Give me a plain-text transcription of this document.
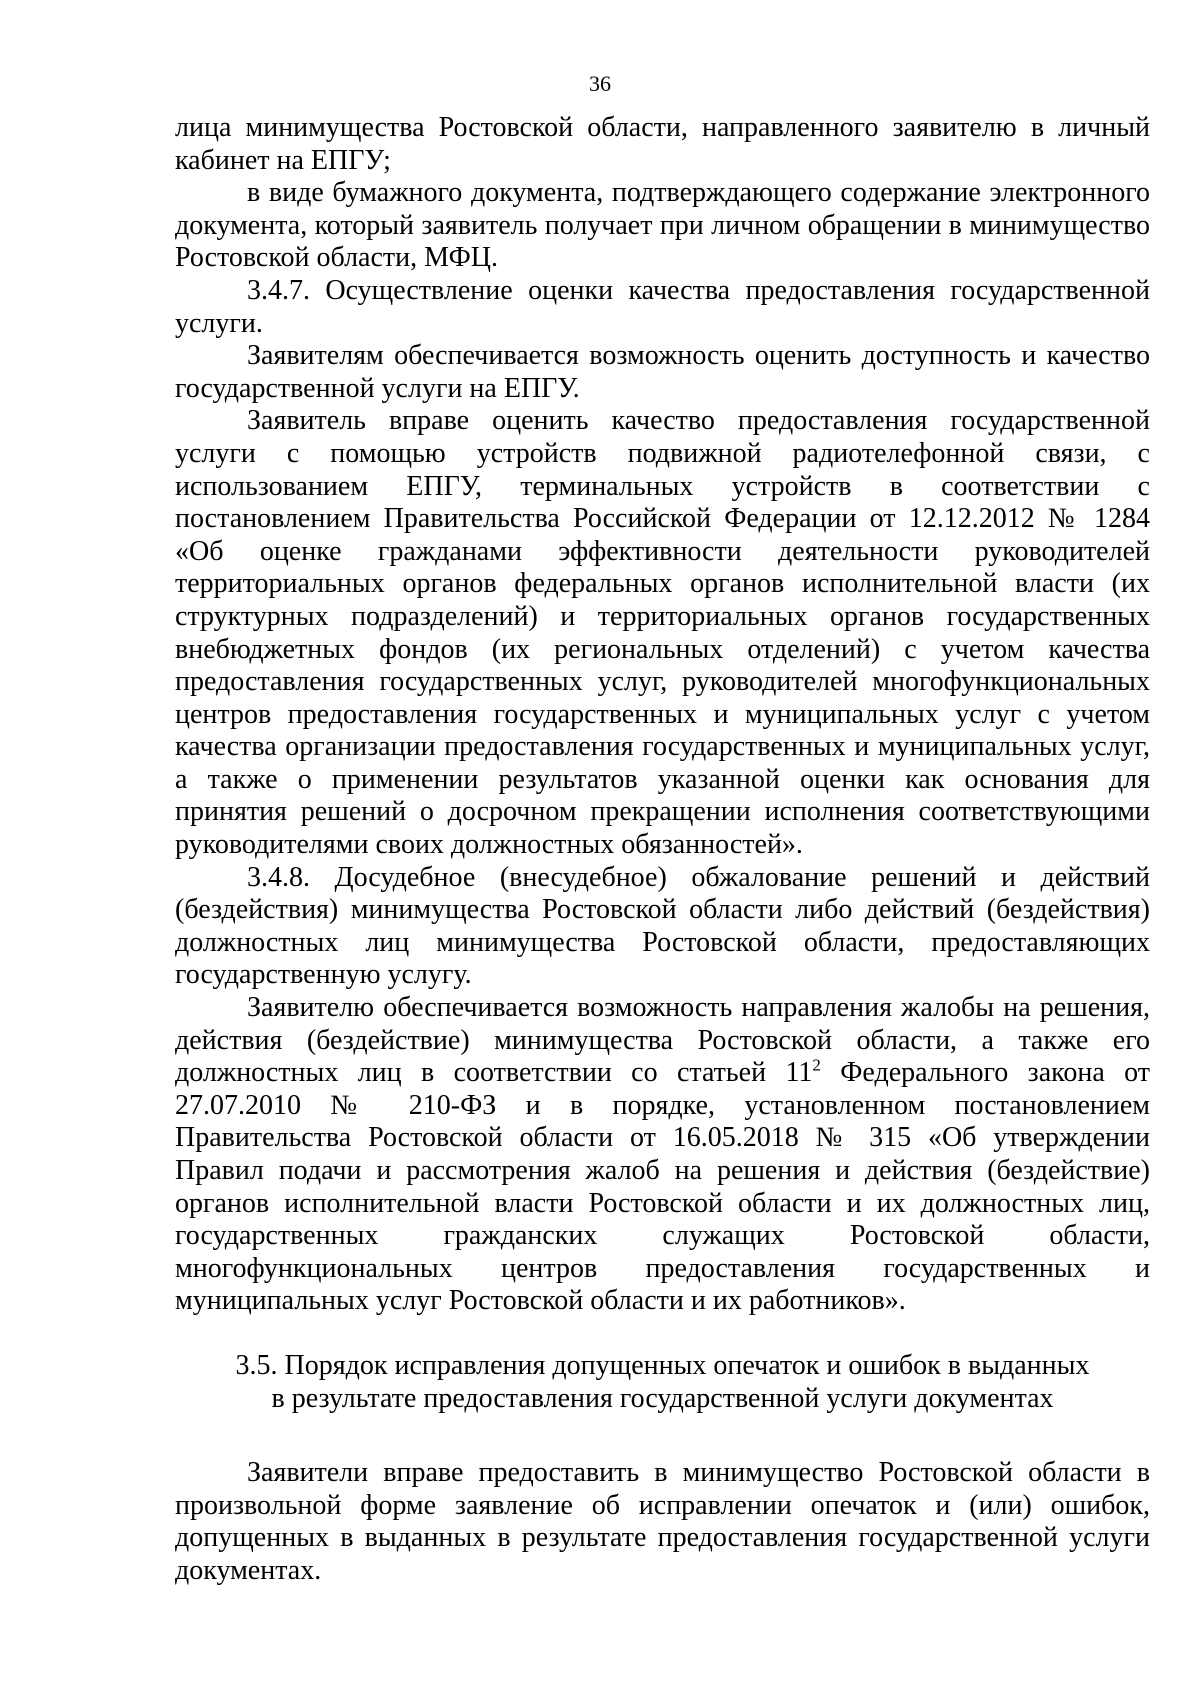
36

лица минимущества Ростовской области, направленного заявителю в личный кабинет на ЕПГУ;

в виде бумажного документа, подтверждающего содержание электронного документа, который заявитель получает при личном обращении в минимущество Ростовской области, МФЦ.

3.4.7. Осуществление оценки качества предоставления государственной услуги.

Заявителям обеспечивается возможность оценить доступность и качество государственной услуги на ЕПГУ.

Заявитель вправе оценить качество предоставления государственной услуги с помощью устройств подвижной радиотелефонной связи, с использованием ЕПГУ, терминальных устройств в соответствии с постановлением Правительства Российской Федерации от 12.12.2012 № 1284 «Об оценке гражданами эффективности деятельности руководителей территориальных органов федеральных органов исполнительной власти (их структурных подразделений) и территориальных органов государственных внебюджетных фондов (их региональных отделений) с учетом качества предоставления государственных услуг, руководителей многофункциональных центров предоставления государственных и муниципальных услуг с учетом качества организации предоставления государственных и муниципальных услуг, а также о применении результатов указанной оценки как основания для принятия решений о досрочном прекращении исполнения соответствующими руководителями своих должностных обязанностей».

3.4.8. Досудебное (внесудебное) обжалование решений и действий (бездействия) минимущества Ростовской области либо действий (бездействия) должностных лиц минимущества Ростовской области, предоставляющих государственную услугу.

Заявителю обеспечивается возможность направления жалобы на решения, действия (бездействие) минимущества Ростовской области, а также его должностных лиц в соответствии со статьей $11^2$ Федерального закона от 27.07.2010 № 210-ФЗ и в порядке, установленном постановлением Правительства Ростовской области от 16.05.2018 № 315 «Об утверждении Правил подачи и рассмотрения жалоб на решения и действия (бездействие) органов исполнительной власти Ростовской области и их должностных лиц, государственных гражданских служащих Ростовской области, многофункциональных центров предоставления государственных и муниципальных услуг Ростовской области и их работников».

3.5. Порядок исправления допущенных опечаток и ошибок в выданных
в результате предоставления государственной услуги документах

Заявители вправе предоставить в минимущество Ростовской области в произвольной форме заявление об исправлении опечаток и (или) ошибок, допущенных в выданных в результате предоставления государственной услуги документах.
